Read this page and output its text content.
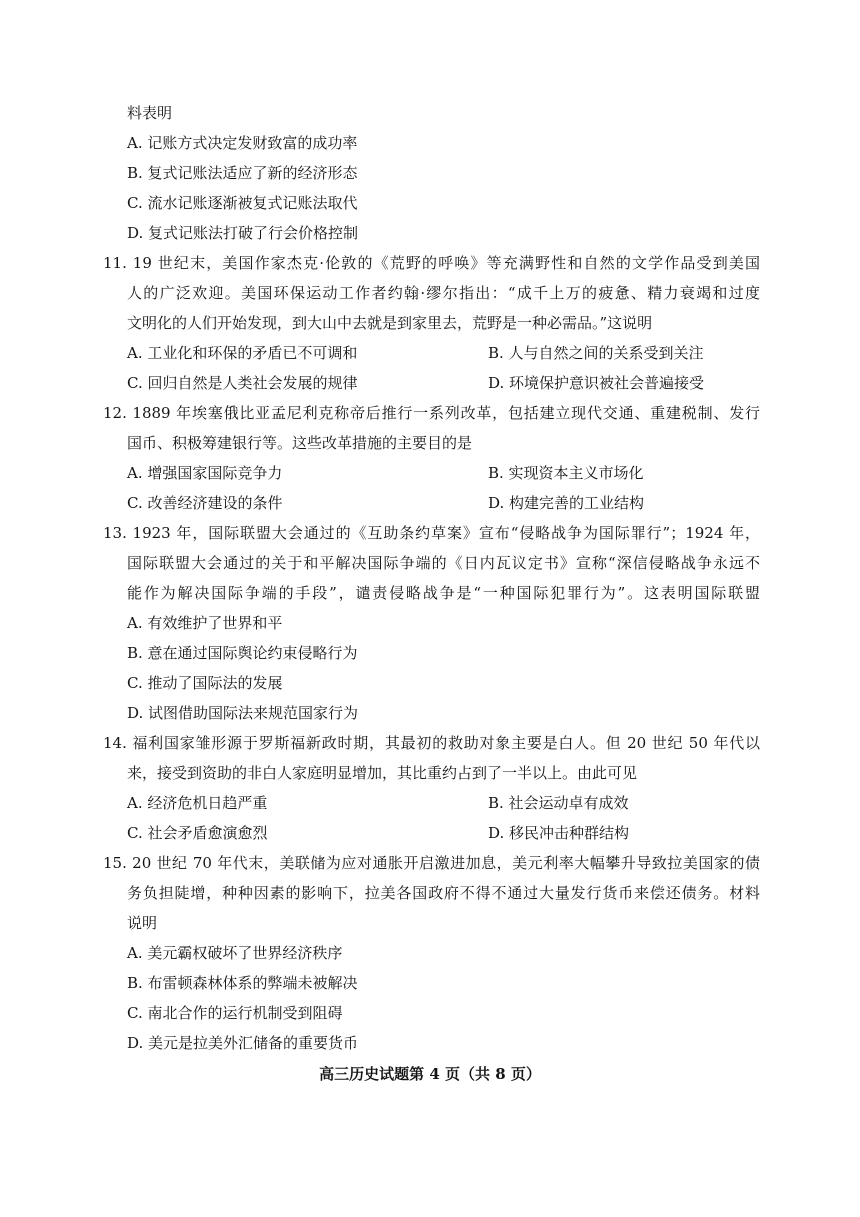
料表明
A. 记账方式决定发财致富的成功率
B. 复式记账法适应了新的经济形态
C. 流水记账逐渐被复式记账法取代
D. 复式记账法打破了行会价格控制
11. 19 世纪末，美国作家杰克·伦敦的《荒野的呼唤》等充满野性和自然的文学作品受到美国
人的广泛欢迎。美国环保运动工作者约翰·缪尔指出：“成千上万的疲惫、精力衰竭和过度
文明化的人们开始发现，到大山中去就是到家里去，荒野是一种必需品。”这说明
A. 工业化和环保的矛盾已不可调和	B. 人与自然之间的关系受到关注
C. 回归自然是人类社会发展的规律	D. 环境保护意识被社会普遍接受
12. 1889 年埃塞俄比亚孟尼利克称帝后推行一系列改革，包括建立现代交通、重建税制、发行
国币、积极筹建银行等。这些改革措施的主要目的是
A. 增强国家国际竞争力	B. 实现资本主义市场化
C. 改善经济建设的条件	D. 构建完善的工业结构
13. 1923 年，国际联盟大会通过的《互助条约草案》宣布“侵略战争为国际罪行”；1924 年，
国际联盟大会通过的关于和平解决国际争端的《日内瓦议定书》宣称“深信侵略战争永远不
能作为解决国际争端的手段”，谴责侵略战争是“一种国际犯罪行为”。这表明国际联盟
A. 有效维护了世界和平
B. 意在通过国际舆论约束侵略行为
C. 推动了国际法的发展
D. 试图借助国际法来规范国家行为
14. 福利国家雏形源于罗斯福新政时期，其最初的救助对象主要是白人。但 20 世纪 50 年代以
来，接受到资助的非白人家庭明显增加，其比重约占到了一半以上。由此可见
A. 经济危机日趋严重	B. 社会运动卓有成效
C. 社会矛盾愈演愈烈	D. 移民冲击种群结构
15. 20 世纪 70 年代末，美联储为应对通胀开启激进加息，美元利率大幅攀升导致拉美国家的债
务负担陡增，种种因素的影响下，拉美各国政府不得不通过大量发行货币来偿还债务。材料
说明
A. 美元霸权破坏了世界经济秩序
B. 布雷顿森林体系的弊端未被解决
C. 南北合作的运行机制受到阻碍
D. 美元是拉美外汇储备的重要货币
高三历史试题第 4 页（共 8 页）
